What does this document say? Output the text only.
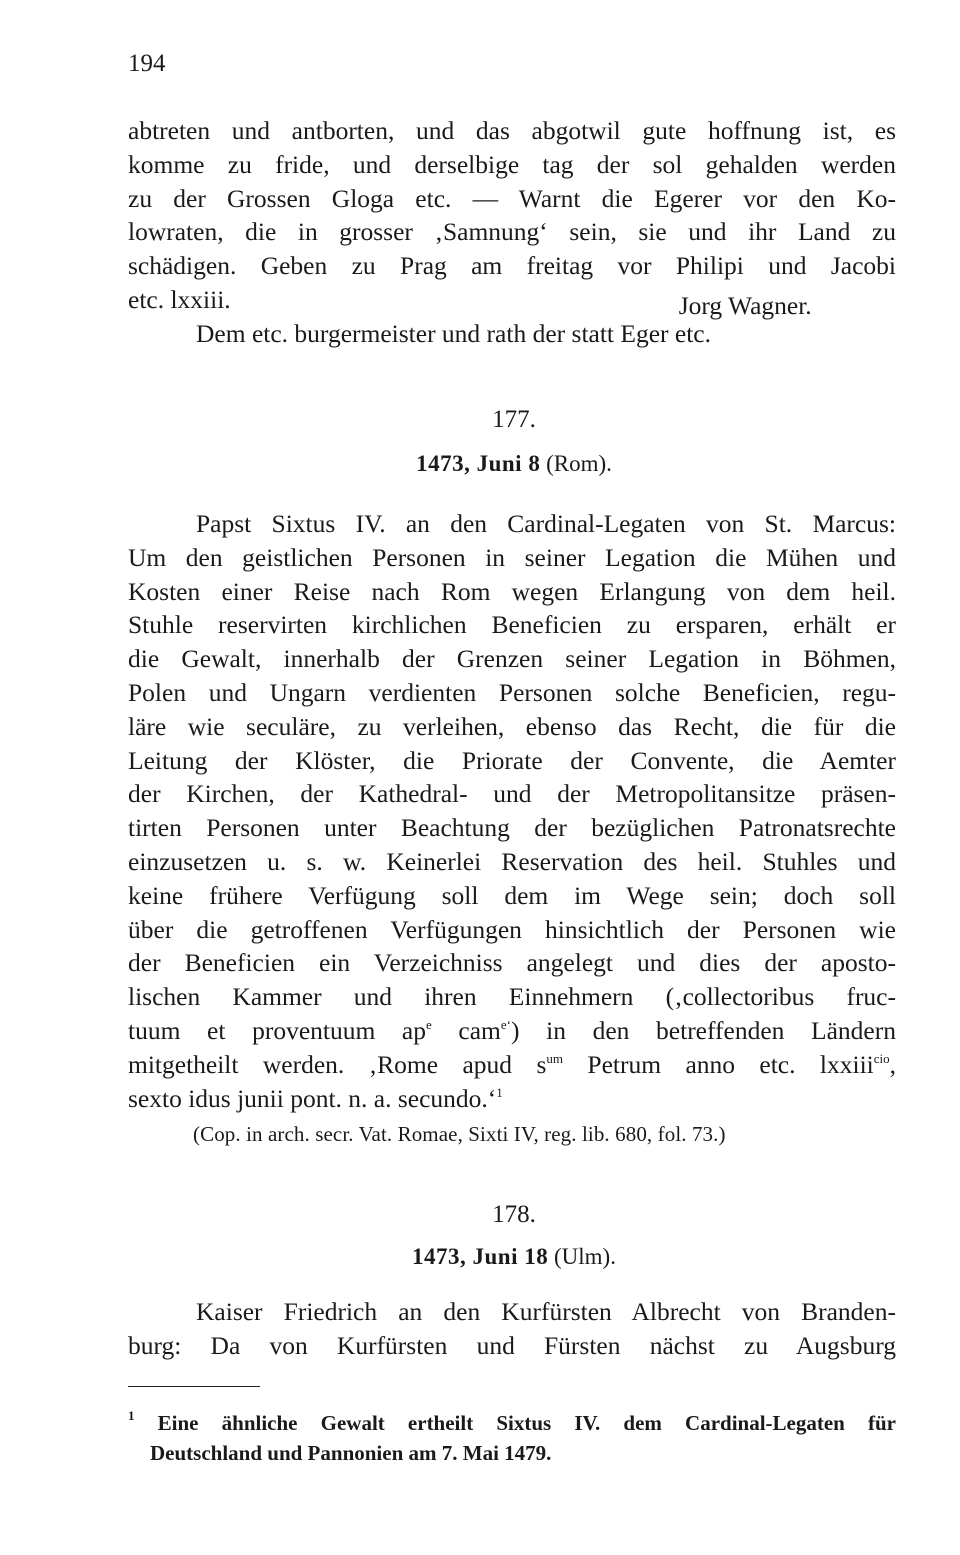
194
abtreten und antborten, und das abgotwil gute hoffnung ist, es
komme zu fride, und derselbige tag der sol gehalden werden
zu der Grossen Gloga etc. — Warnt die Egerer vor den Ko-
lowraten, die in grosser ‚Samnung‘ sein, sie und ihr Land zu
schädigen. Geben zu Prag am freitag vor Philipi und Jacobi
etc. lxxiii.	Jorg Wagner.
Dem etc. burgermeister und rath der statt Eger etc.
177.
1473, Juni 8 (Rom).
Papst Sixtus IV. an den Cardinal-Legaten von St. Marcus:
Um den geistlichen Personen in seiner Legation die Mühen und
Kosten einer Reise nach Rom wegen Erlangung von dem heil.
Stuhle reservirten kirchlichen Beneficien zu ersparen, erhält er
die Gewalt, innerhalb der Grenzen seiner Legation in Böhmen,
Polen und Ungarn verdienten Personen solche Beneficien, regu-
läre wie seculäre, zu verleihen, ebenso das Recht, die für die
Leitung der Klöster, die Priorate der Convente, die Aemter
der Kirchen, der Kathedral- und der Metropolitansitze präsen-
tirten Personen unter Beachtung der bezüglichen Patronatsrechte
einzusetzen u. s. w. Keinerlei Reservation des heil. Stuhles und
keine frühere Verfügung soll dem im Wege sein; doch soll
über die getroffenen Verfügungen hinsichtlich der Personen wie
der Beneficien ein Verzeichniss angelegt und dies der aposto-
lischen Kammer und ihren Einnehmern (‚collectoribus fruc-
tuum et proventuum $ap^e$ cam$^{e‘}$) in den betreffenden Ländern
mitgetheilt werden. ‚Rome apud $s^{um}$ Petrum anno etc. lxxiii$^{cio}$,
sexto idus junii pont. n. a. secundo.‘$^1$
(Cop. in arch. secr. Vat. Romae, Sixti IV, reg. lib. 680, fol. 73.)
178.
1473, Juni 18 (Ulm).
Kaiser Friedrich an den Kurfürsten Albrecht von Branden-
burg: Da von Kurfürsten und Fürsten nächst zu Augsburg
$^1$ Eine ähnliche Gewalt ertheilt Sixtus IV. dem Cardinal-Legaten für
Deutschland und Pannonien am 7. Mai 1479.
